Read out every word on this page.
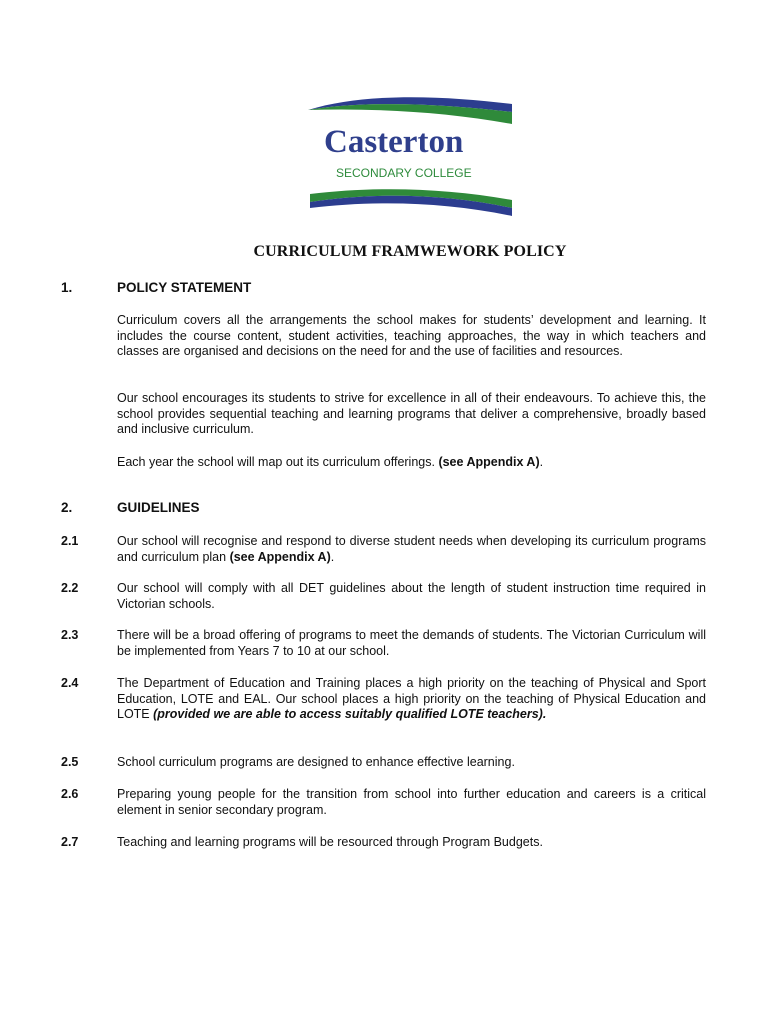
Casterton
SECONDARY COLLEGE
CURRICULUM FRAMWEWORK POLICY
1.	POLICY STATEMENT
Curriculum covers all the arrangements the school makes for students’ development and learning. It includes the course content, student activities, teaching approaches, the way in which teachers and classes are organised and decisions on the need for and the use of facilities and resources.
Our school encourages its students to strive for excellence in all of their endeavours. To achieve this, the school provides sequential teaching and learning programs that deliver a comprehensive, broadly based and inclusive curriculum.
Each year the school will map out its curriculum offerings. (see Appendix A).
2.	GUIDELINES
2.1	Our school will recognise and respond to diverse student needs when developing its curriculum programs and curriculum plan (see Appendix A).
2.2	Our school will comply with all DET guidelines about the length of student instruction time required in Victorian schools.
2.3	There will be a broad offering of programs to meet the demands of students. The Victorian Curriculum will be implemented from Years 7 to 10 at our school.
2.4	The Department of Education and Training places a high priority on the teaching of Physical and Sport Education, LOTE and EAL. Our school places a high priority on the teaching of Physical Education and LOTE (provided we are able to access suitably qualified LOTE teachers).
2.5	School curriculum programs are designed to enhance effective learning.
2.6	Preparing young people for the transition from school into further education and careers is a critical element in senior secondary program.
2.7	Teaching and learning programs will be resourced through Program Budgets.
